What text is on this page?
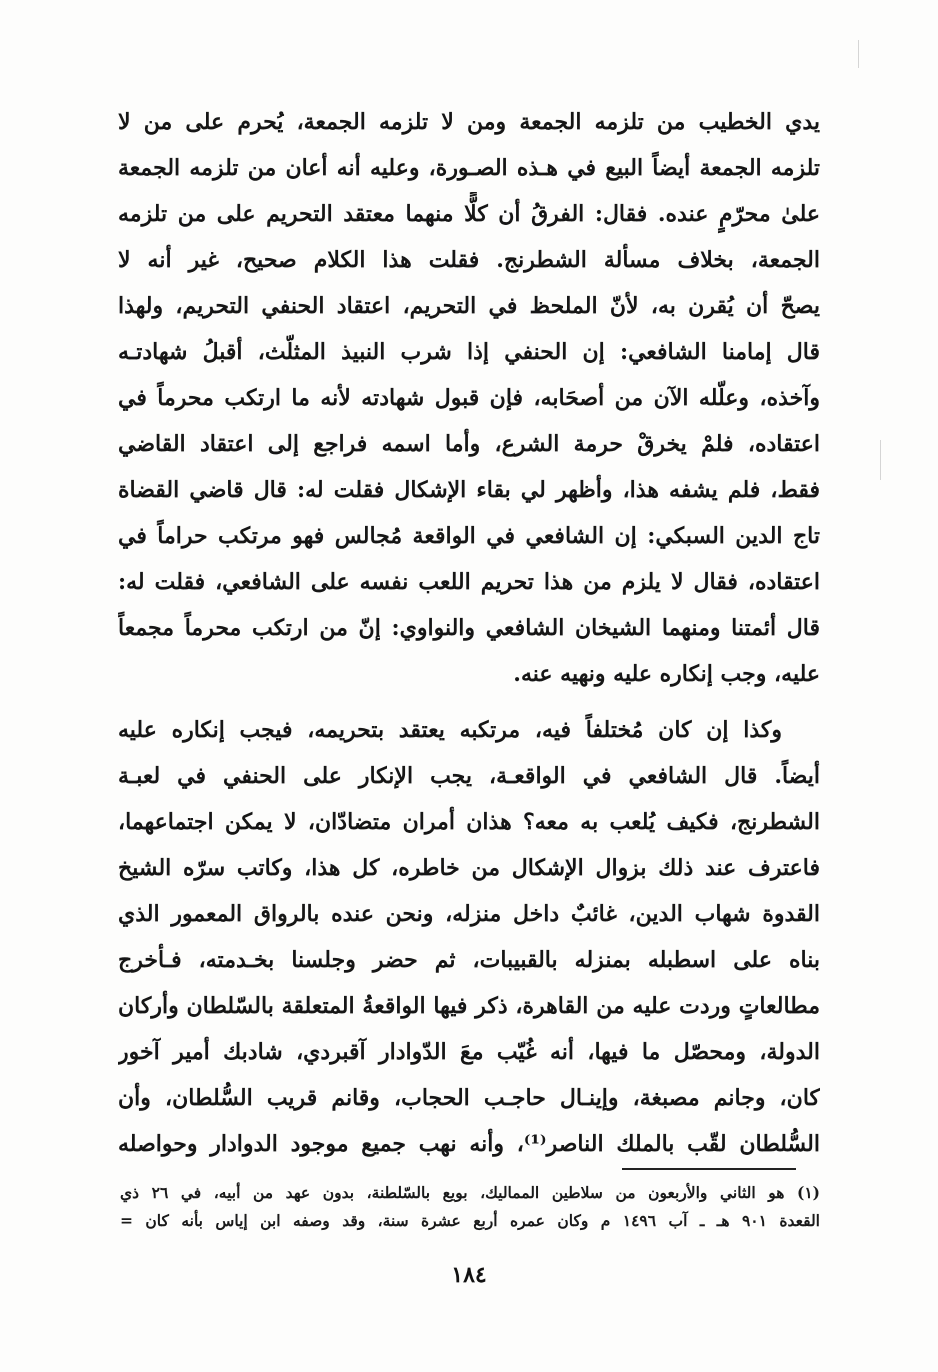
يدي الخطيب من تلزمه الجمعة ومن لا تلزمه الجمعة، يُحرم على من لا
تلزمه الجمعة أيضاً البيع في هـذه الصـورة، وعليه أنه أعان من تلزمه الجمعة
علىٰ محرّمٍ عنده. فقال: الفرقُ أن كلًّا منهما معتقد التحريم على من تلزمه
الجمعة، بخلاف مسألة الشطرنج. فقلت هذا الكلام صحيح، غير أنه لا
يصحّ أن يُقرن به، لأنّ الملحظ في التحريم، اعتقاد الحنفي التحريم، ولهذا
قال إمامنا الشافعي: إن الحنفي إذا شرب النبيذ المثلّث، أقبلُ شهادتـه
وآخذه، وعلّله الآن من أصحَابه، فإن قبول شهادته لأنه ما ارتكب محرماً في
اعتقاده، فلمْ يخرقْ حرمة الشرع، وأما اسمه فراجع إلى اعتقاد القاضي
فقط، فلم يشفه هذا، وأظهر لي بقاء الإشكال فقلت له: قال قاضي القضاة
تاج الدين السبكي: إن الشافعي في الواقعة مُجالس فهو مرتكب حراماً في
اعتقاده، فقال لا يلزم من هذا تحريم اللعب نفسه على الشافعي، فقلت له:
قال أئمتنا ومنهما الشيخان الشافعي والنواوي: إنّ من ارتكب محرماً مجمعاً
عليه، وجب إنكاره عليه ونهيه عنه.
وكذا إن كان مُختلفاً فيه، مرتكبه يعتقد بتحريمه، فيجب إنكاره عليه
أيضاً. قال الشافعي في الواقعـة، يجب الإنكار على الحنفي في لعبـة
الشطرنج، فكيف يُلعب به معه؟ هذان أمران متضادّان، لا يمكن اجتماعهما،
فاعترف عند ذلك بزوال الإشكال من خاطره، كل هذا، وكاتب سرّه الشيخ
القدوة شهاب الدين، غائبٌ داخل منزله، ونحن عنده بالرواق المعمور الذي
بناه على اسطبله بمنزله بالقبيبات، ثم حضر وجلسنا بخـدمته، فـأخرج
مطالعاتٍ وردت عليه من القاهرة، ذكر فيها الواقعةُ المتعلقة بالسّلطان وأركان
الدولة، ومحصّل ما فيها، أنه غُيّب معَ الدّوادار آقبردي، شادبك أمير آخور
كان، وجانم مصبغة، وإينـال حاجـب الحجاب، وقانم قريب السُّلطان، وأن
السُّلطان لقّب بالملك الناصر⁽¹⁾، وأنه نهب جميع موجود الدوادار وحواصله
(١) هو الثاني والأربعون من سلاطين المماليك، بويع بالسّلطنة، بدون عهد من أبيه، في ٢٦ ذي
القعدة ٩٠١ هـ ـ آب ١٤٩٦ م وكان عمره أربع عشرة سنة، وقد وصفه ابن إياس بأنه كان =
١٨٤
